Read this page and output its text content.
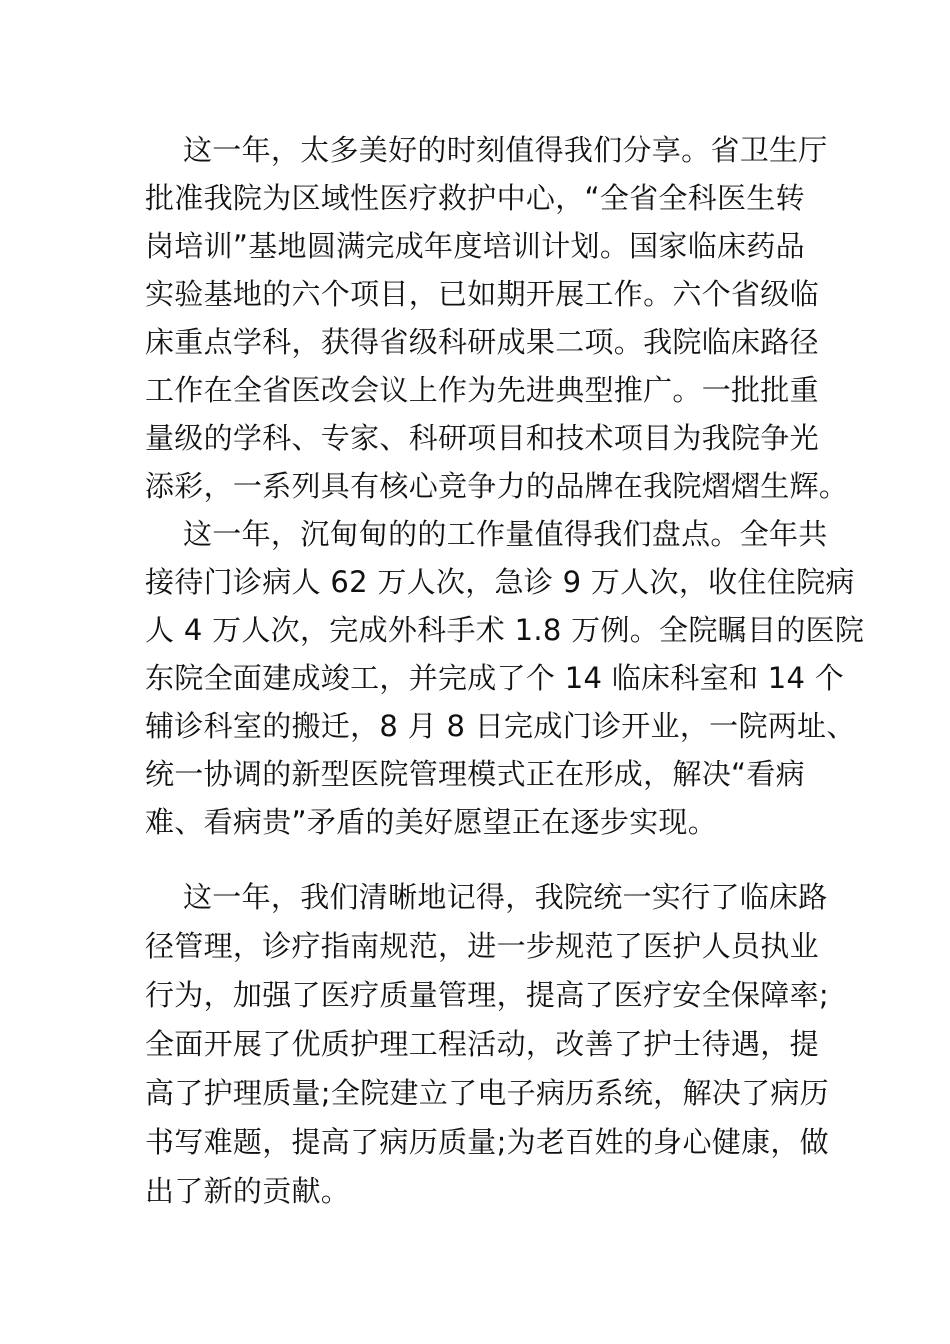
这一年，太多美好的时刻值得我们分享。省卫生厅
批准我院为区域性医疗救护中心，“全省全科医生转
岗培训”基地圆满完成年度培训计划。国家临床药品
实验基地的六个项目，已如期开展工作。六个省级临
床重点学科，获得省级科研成果二项。我院临床路径
工作在全省医改会议上作为先进典型推广。一批批重
量级的学科、专家、科研项目和技术项目为我院争光
添彩，一系列具有核心竞争力的品牌在我院熠熠生辉。
这一年，沉甸甸的的工作量值得我们盘点。全年共
接待门诊病人 62 万人次，急诊 9 万人次，收住住院病
人 4 万人次，完成外科手术 1.8 万例。全院瞩目的医院
东院全面建成竣工，并完成了个 14 临床科室和 14 个
辅诊科室的搬迁，8 月 8 日完成门诊开业，一院两址、
统一协调的新型医院管理模式正在形成，解决“看病
难、看病贵”矛盾的美好愿望正在逐步实现。
这一年，我们清晰地记得，我院统一实行了临床路
径管理，诊疗指南规范，进一步规范了医护人员执业
行为，加强了医疗质量管理，提高了医疗安全保障率;
全面开展了优质护理工程活动，改善了护士待遇，提
高了护理质量;全院建立了电子病历系统，解决了病历
书写难题，提高了病历质量;为老百姓的身心健康，做
出了新的贡献。
